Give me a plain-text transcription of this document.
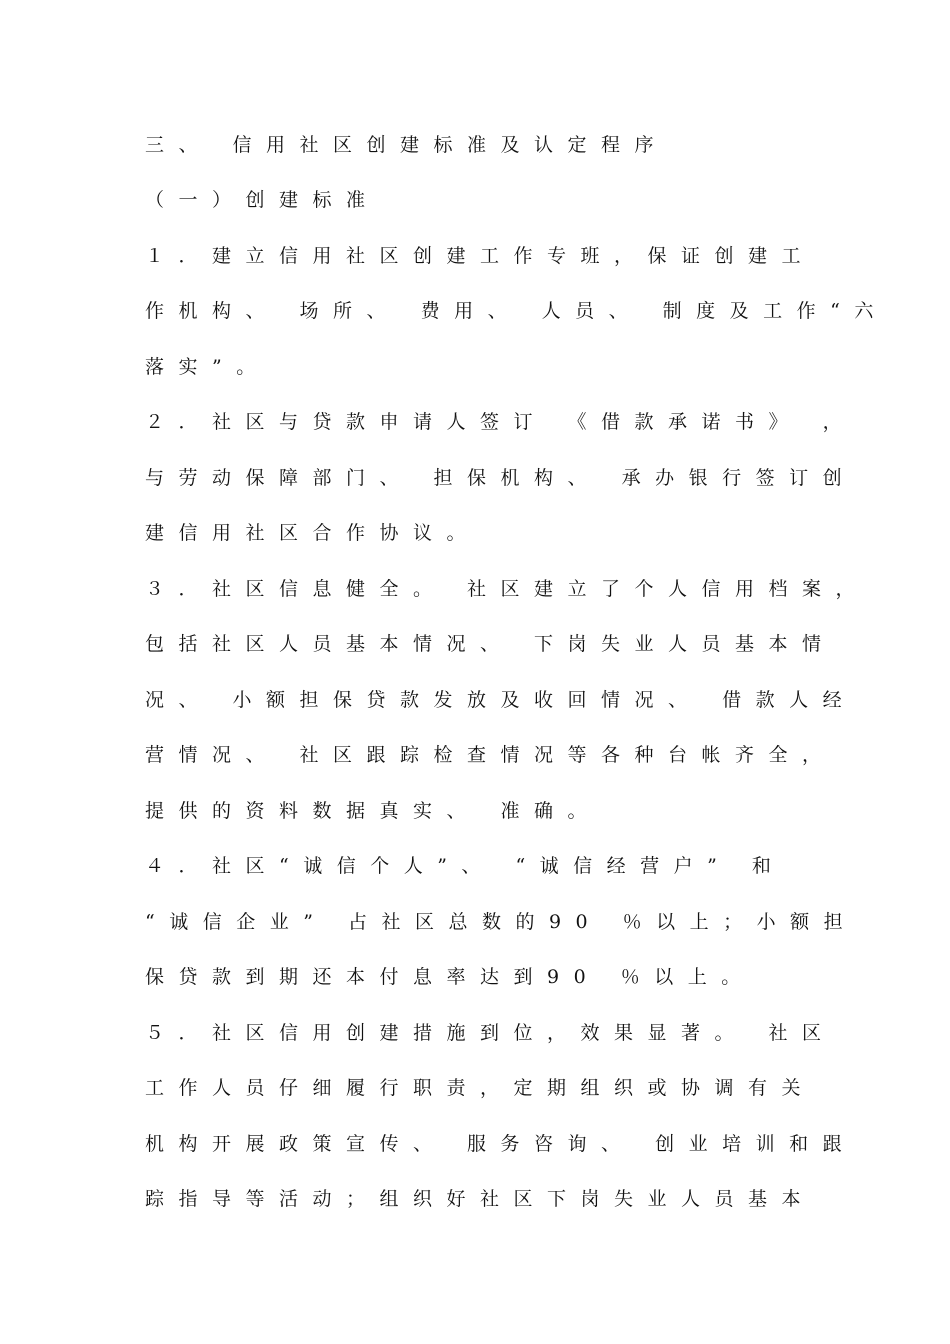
三、 信用社区创建标准及认定程序
（一）创建标准
１．建立信用社区创建工作专班，保证创建工
作机构、 场所、 费用、 人员、 制度及工作“六
落实”。
２．社区与贷款申请人签订 《借款承诺书》 ，
与劳动保障部门、 担保机构、 承办银行签订创
建信用社区合作协议。
３．社区信息健全。 社区建立了个人信用档案，
包括社区人员基本情况、 下岗失业人员基本情
况、 小额担保贷款发放及收回情况、 借款人经
营情况、 社区跟踪检查情况等各种台帐齐全，
提供的资料数据真实、 准确。
４．社区“诚信个人”、 “诚信经营户” 和
“诚信企业” 占社区总数的90 ％以上；小额担
保贷款到期还本付息率达到90 ％以上。
５．社区信用创建措施到位，效果显著。 社区
工作人员仔细履行职责，定期组织或协调有关
机构开展政策宣传、 服务咨询、 创业培训和跟
踪指导等活动；组织好社区下岗失业人员基本
